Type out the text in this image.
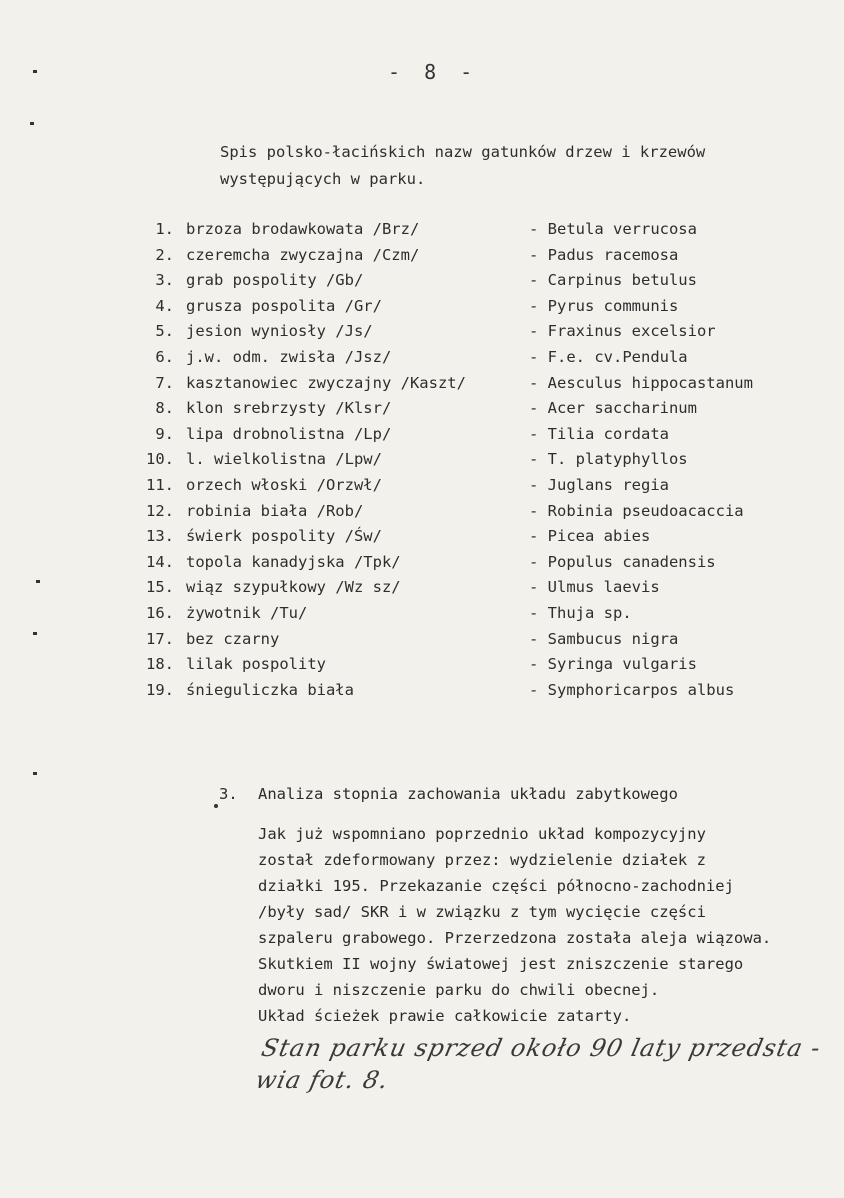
- 8 -
Spis polsko-łacińskich nazw gatunków drzew i krzewów
występujących w parku.
1. brzoza brodawkowata /Brz/	- Betula verrucosa
2. czeremcha zwyczajna /Czm/	- Padus racemosa
3. grab pospolity /Gb/	- Carpinus betulus
4. grusza pospolita /Gr/	- Pyrus communis
5. jesion wyniosły /Js/	- Fraxinus excelsior
6. j.w. odm. zwisła /Jsz/	- F.e. cv.Pendula
7. kasztanowiec zwyczajny /Kaszt/	- Aesculus hippocastanum
8. klon srebrzysty /Klsr/	- Acer saccharinum
9. lipa drobnolistna /Lp/	- Tilia cordata
10. l. wielkolistna /Lpw/	- T. platyphyllos
11. orzech włoski /Orzwł/	- Juglans regia
12. robinia biała /Rob/	- Robinia pseudoacaccia
13. świerk pospolity /Św/	- Picea abies
14. topola kanadyjska /Tpk/	- Populus canadensis
15. wiąz szypułkowy /Wz sz/	- Ulmus laevis
16. żywotnik /Tu/	- Thuja sp.
17. bez czarny	- Sambucus nigra
18. lilak pospolity	- Syringa vulgaris
19. śnieguliczka biała	- Symphoricarpos albus
3. Analiza stopnia zachowania układu zabytkowego
Jak już wspomniano poprzednio układ kompozycyjny
został zdeformowany przez: wydzielenie działek z
działki 195. Przekazanie części północno-zachodniej
/były sad/ SKR i w związku z tym wycięcie części
szpaleru grabowego. Przerzedzona została aleja wiązowa.
Skutkiem II wojny światowej jest zniszczenie starego
dworu i niszczenie parku do chwili obecnej.
Układ ścieżek prawie całkowicie zatarty.
Stan parku sprzed około 90 laty przedsta -
wia fot. 8.
